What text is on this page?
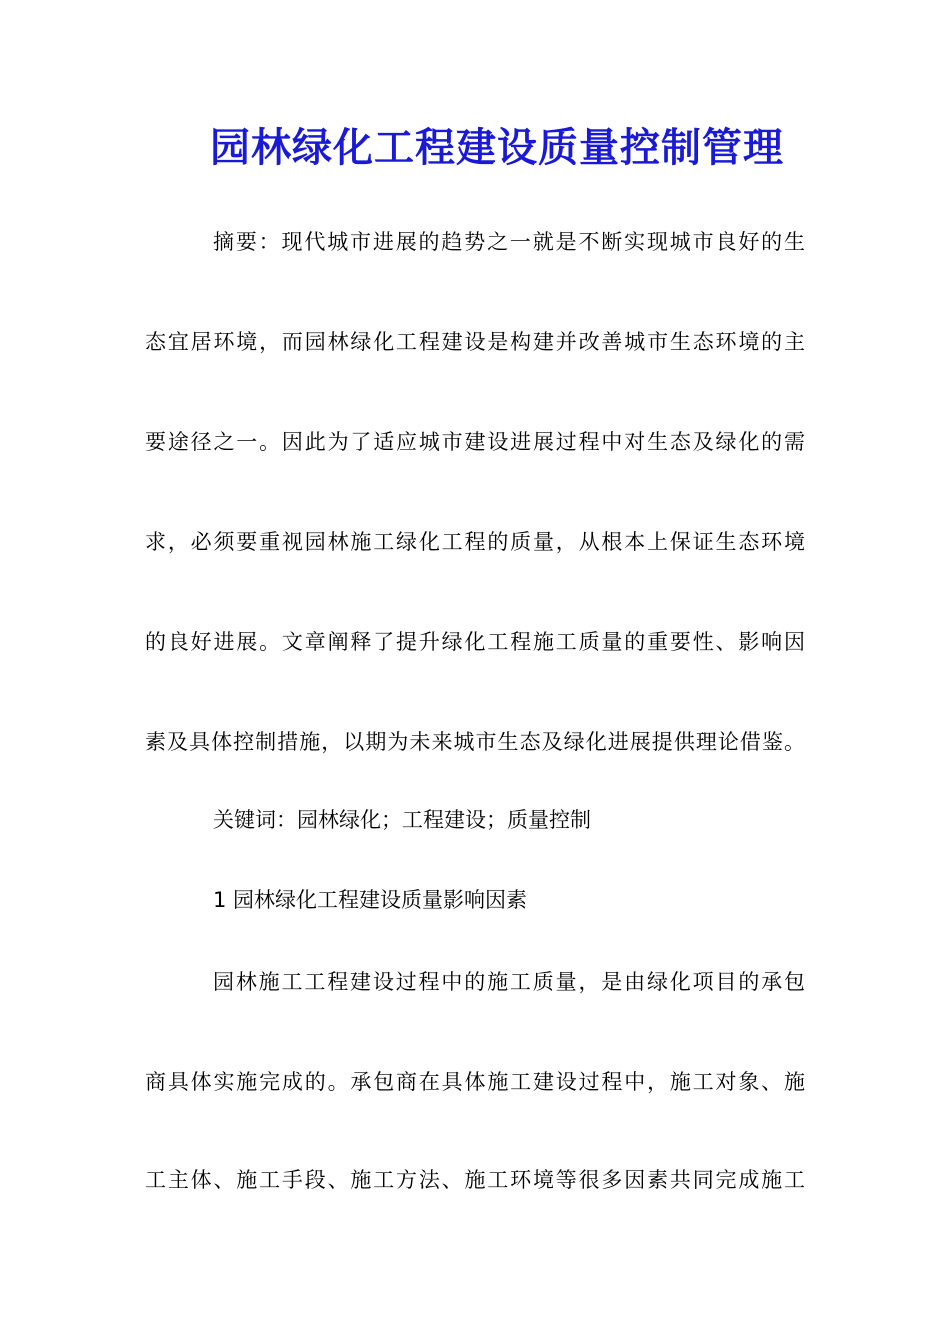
园林绿化工程建设质量控制管理
摘要：现代城市进展的趋势之一就是不断实现城市良好的生
态宜居环境，而园林绿化工程建设是构建并改善城市生态环境的主
要途径之一。因此为了适应城市建设进展过程中对生态及绿化的需
求，必须要重视园林施工绿化工程的质量，从根本上保证生态环境
的良好进展。文章阐释了提升绿化工程施工质量的重要性、影响因
素及具体控制措施，以期为未来城市生态及绿化进展提供理论借鉴。
关键词：园林绿化；工程建设；质量控制
1 园林绿化工程建设质量影响因素
园林施工工程建设过程中的施工质量，是由绿化项目的承包
商具体实施完成的。承包商在具体施工建设过程中，施工对象、施
工主体、施工手段、施工方法、施工环境等很多因素共同完成施工
